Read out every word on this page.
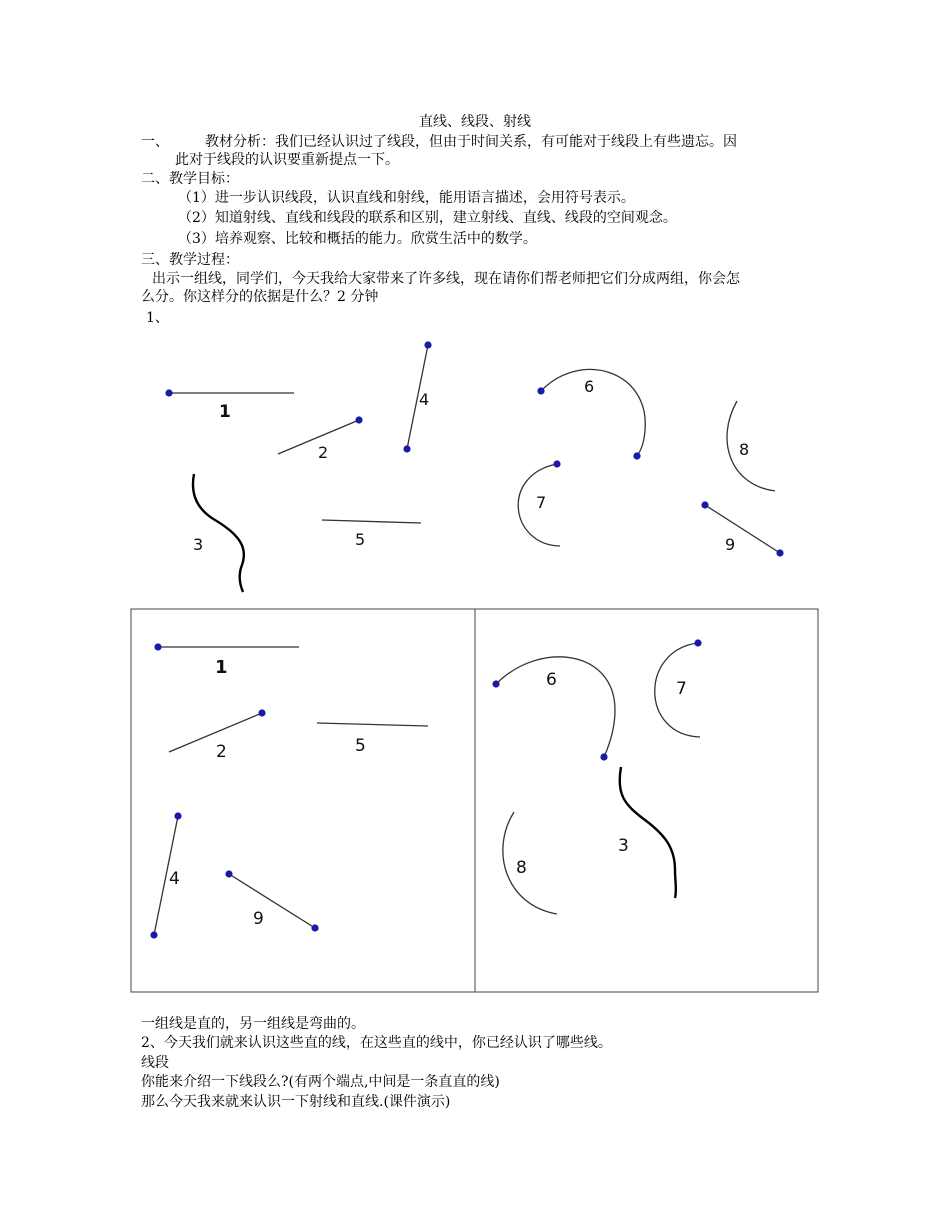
直线、线段、射线
一、	教材分析：我们已经认识过了线段，但由于时间关系，有可能对于线段上有些遗忘。因
此对于线段的认识要重新提点一下。
二、教学目标：
（1）进一步认识线段，认识直线和射线，能用语言描述，会用符号表示。
（2）知道射线、直线和线段的联系和区别，建立射线、直线、线段的空间观念。
（3）培养观察、比较和概括的能力。欣赏生活中的数学。
三、教学过程：
出示一组线，同学们，今天我给大家带来了许多线，现在请你们帮老师把它们分成两组，你会怎
么分。你这样分的依据是什么？2 分钟
1、
一组线是直的，另一组线是弯曲的。
2、今天我们就来认识这些直的线，在这些直的线中，你已经认识了哪些线。
线段
你能来介绍一下线段么?(有两个端点,中间是一条直直的线)
那么今天我来就来认识一下射线和直线.(课件演示)
1
2
3
4
5
6
7
8
9
1
2	5
4
9
6	7
3
8
